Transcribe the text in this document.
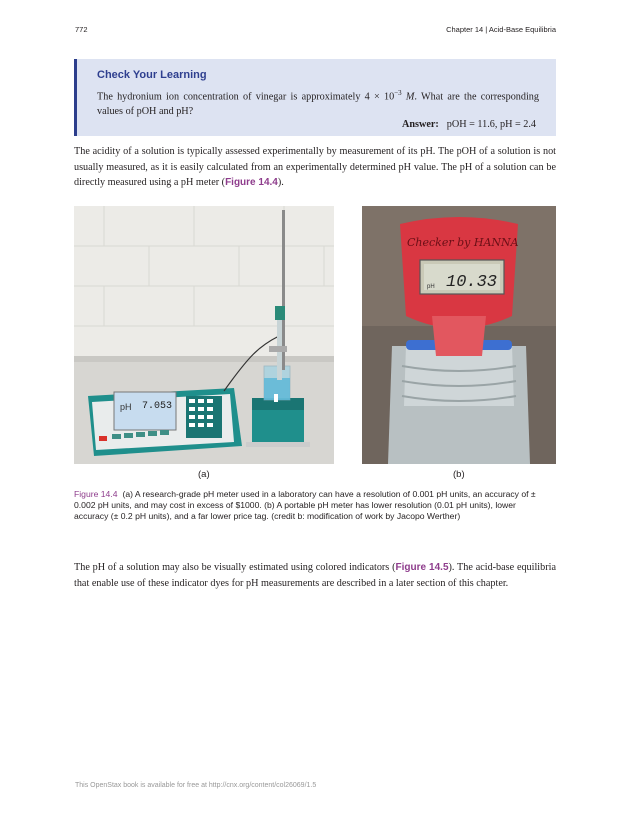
772	Chapter 14 | Acid-Base Equilibria
Check Your Learning
The hydronium ion concentration of vinegar is approximately $4 \times 10^{-3}$ M. What are the corresponding values of pOH and pH?
Answer: pOH = 11.6, pH = 2.4
The acidity of a solution is typically assessed experimentally by measurement of its pH. The pOH of a solution is not usually measured, as it is easily calculated from an experimentally determined pH value. The pH of a solution can be directly measured using a pH meter (Figure 14.4).
pH 7.053
Checker by HANNA
pH 10.33
(a)	(b)
Figure 14.4 (a) A research-grade pH meter used in a laboratory can have a resolution of 0.001 pH units, an accuracy of ± 0.002 pH units, and may cost in excess of $1000. (b) A portable pH meter has lower resolution (0.01 pH units), lower accuracy (± 0.2 pH units), and a far lower price tag. (credit b: modification of work by Jacopo Werther)
The pH of a solution may also be visually estimated using colored indicators (Figure 14.5). The acid-base equilibria that enable use of these indicator dyes for pH measurements are described in a later section of this chapter.
This OpenStax book is available for free at http://cnx.org/content/col26069/1.5
